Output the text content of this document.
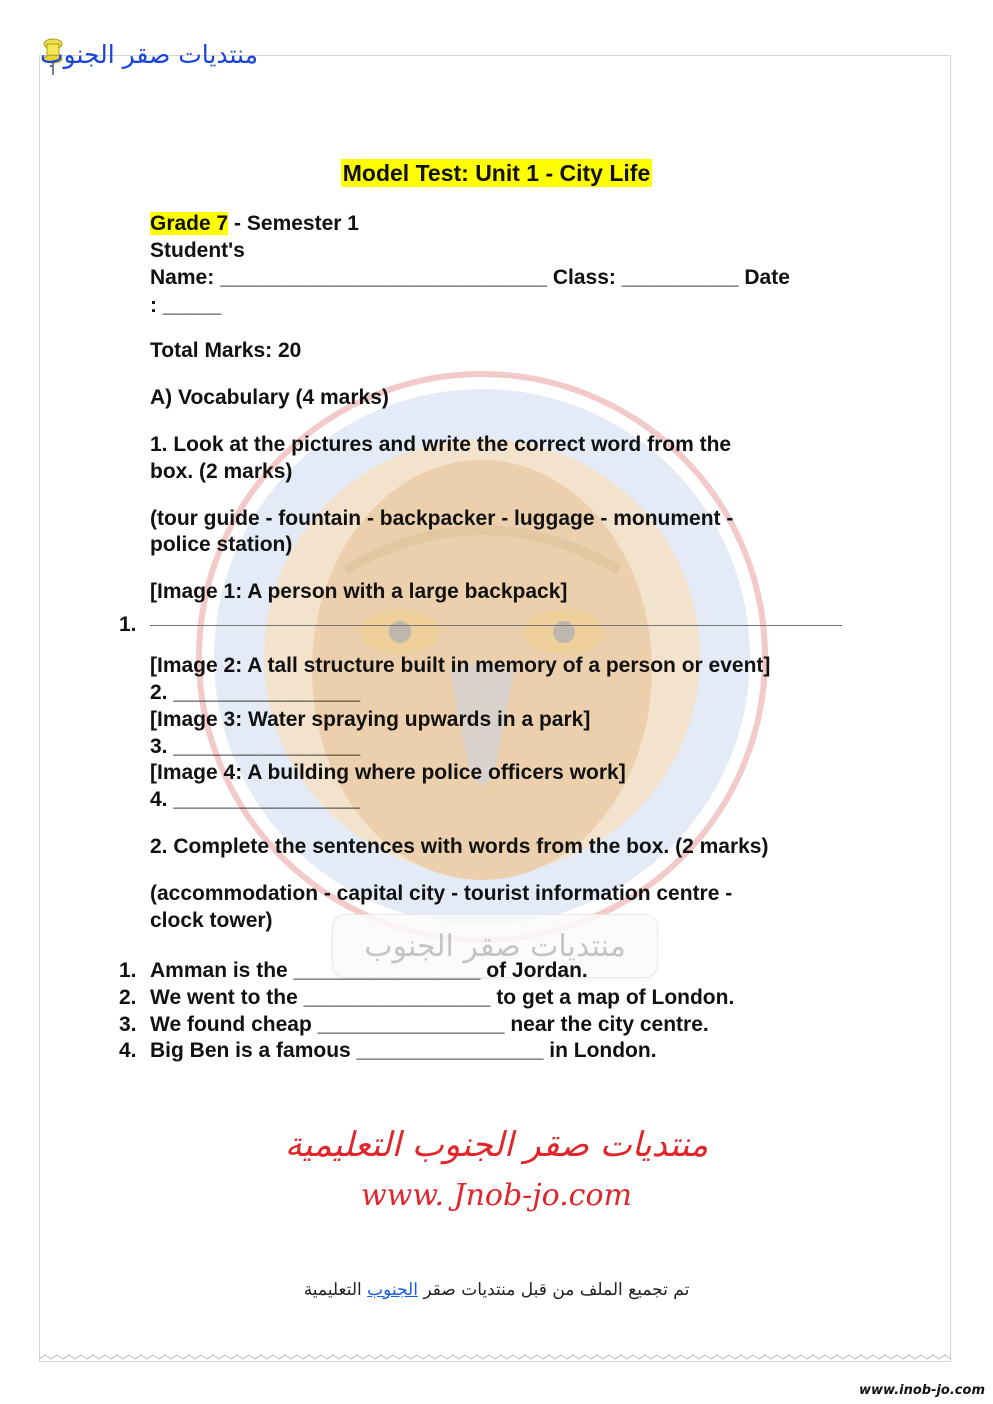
منتديات صقر الجنوب
منتديات صقر الجنوب
Model Test: Unit 1 - City Life
Grade 7 - Semester 1
Student's
Name: ____________________________ Class: __________ Date
: _____
Total Marks: 20
A) Vocabulary (4 marks)
1. Look at the pictures and write the correct word from the
box. (2 marks)
(tour guide - fountain - backpacker - luggage - monument -
police station)
[Image 1: A person with a large backpack]
1.
[Image 2: A tall structure built in memory of a person or event]
2. ________________
[Image 3: Water spraying upwards in a park]
3. ________________
[Image 4: A building where police officers work]
4. ________________
2. Complete the sentences with words from the box. (2 marks)
(accommodation - capital city - tourist information centre -
clock tower)
1. Amman is the ________________ of Jordan.
2. We went to the ________________ to get a map of London.
3. We found cheap ________________ near the city centre.
4. Big Ben is a famous ________________ in London.
منتديات صقر الجنوب التعليمية
www. Jnob-jo.com
تم تجميع الملف من قبل منتديات صقر الجنوب التعليمية
www.inob-jo.com
